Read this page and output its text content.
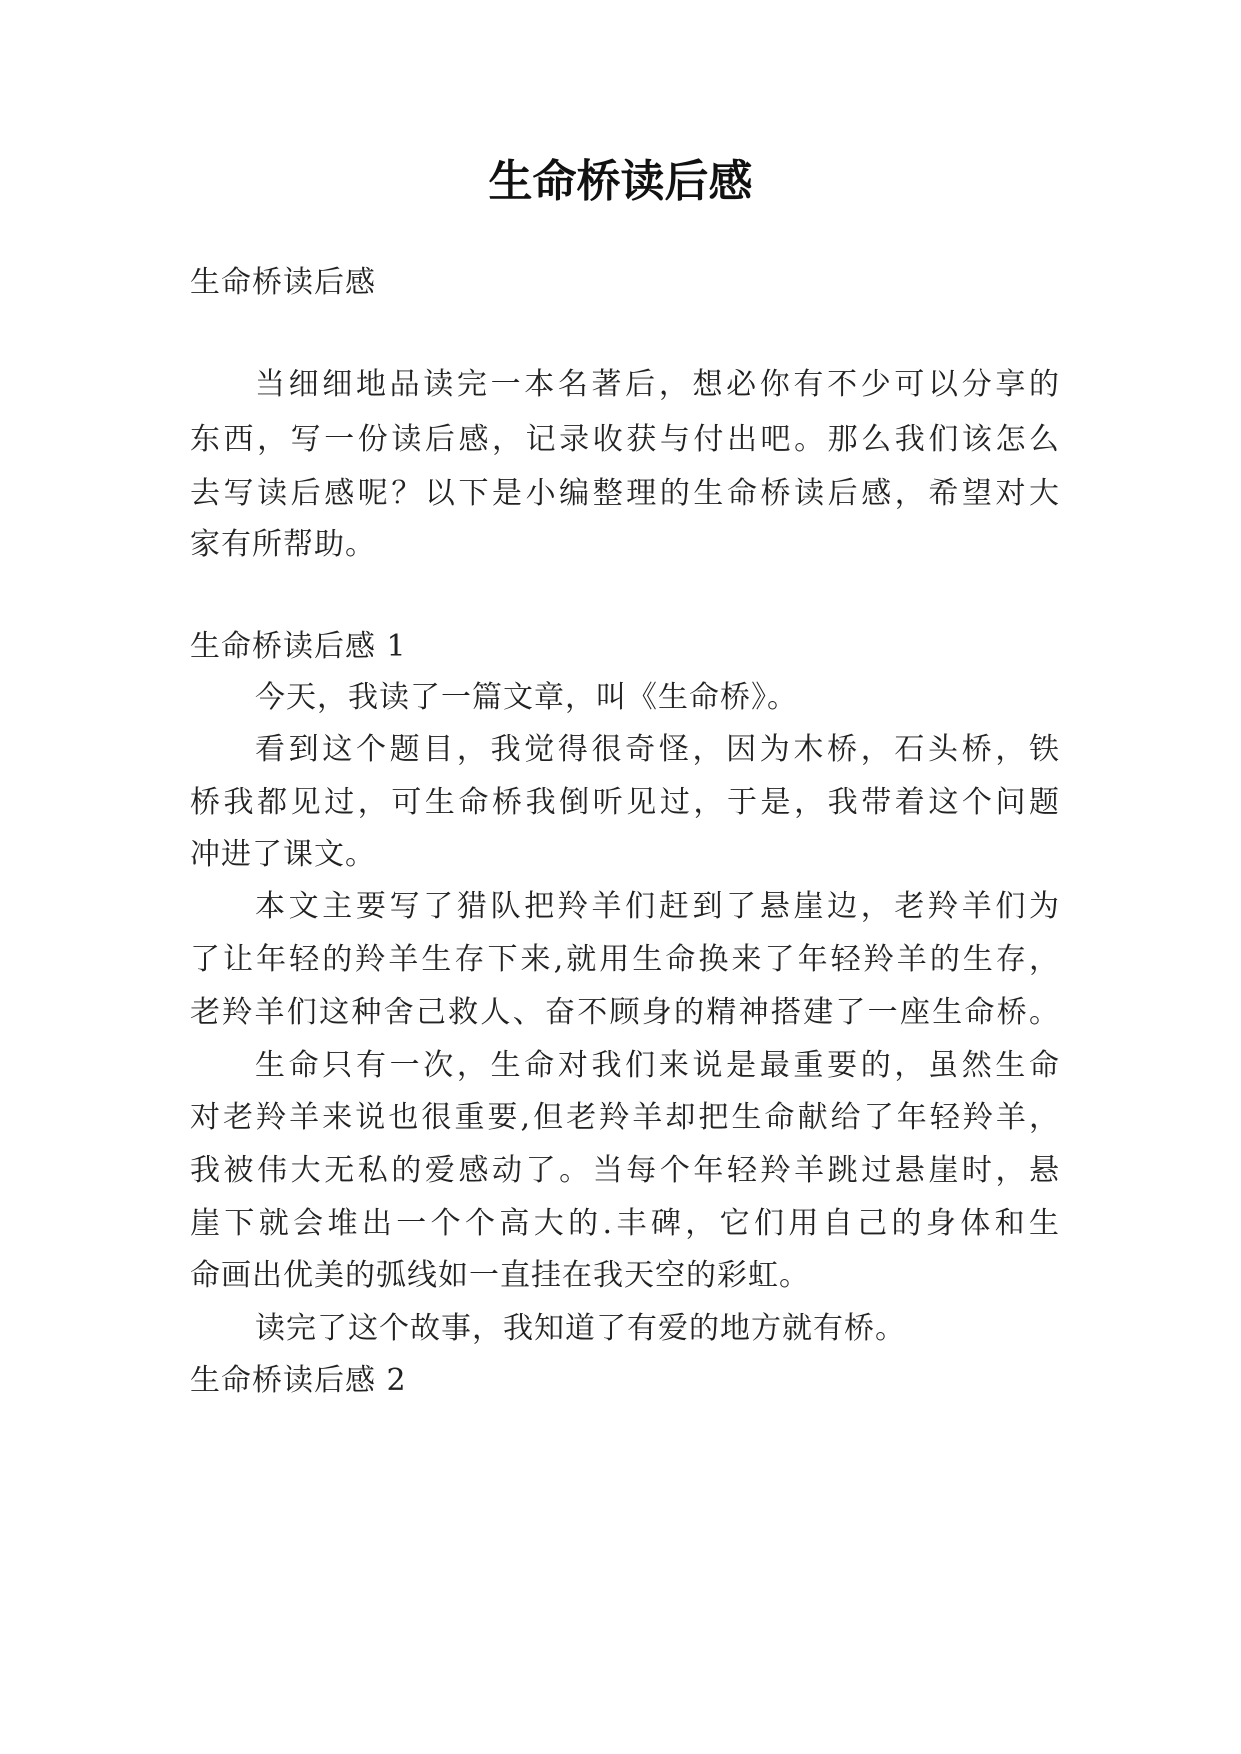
生命桥读后感
生命桥读后感
当细细地品读完一本名著后，想必你有不少可以分享的
东西，写一份读后感，记录收获与付出吧。那么我们该怎么
去写读后感呢？以下是小编整理的生命桥读后感，希望对大
家有所帮助。
生命桥读后感 1
今天，我读了一篇文章，叫《生命桥》。
看到这个题目，我觉得很奇怪，因为木桥，石头桥，铁
桥我都见过，可生命桥我倒听见过，于是，我带着这个问题
冲进了课文。
本文主要写了猎队把羚羊们赶到了悬崖边，老羚羊们为
了让年轻的羚羊生存下来,就用生命换来了年轻羚羊的生存，
老羚羊们这种舍己救人、奋不顾身的精神搭建了一座生命桥。
生命只有一次，生命对我们来说是最重要的，虽然生命
对老羚羊来说也很重要,但老羚羊却把生命献给了年轻羚羊，
我被伟大无私的爱感动了。当每个年轻羚羊跳过悬崖时，悬
崖下就会堆出一个个高大的.丰碑，它们用自己的身体和生
命画出优美的弧线如一直挂在我天空的彩虹。
读完了这个故事，我知道了有爱的地方就有桥。
生命桥读后感 2
